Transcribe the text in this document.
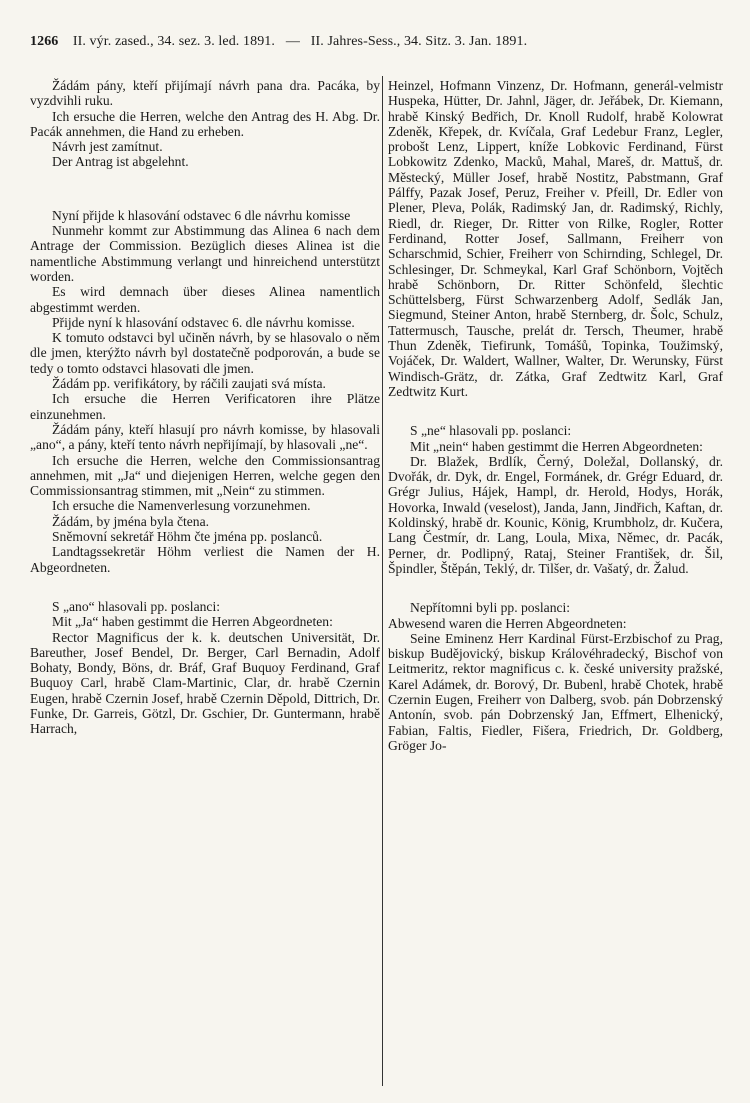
1266 II. výr. zased., 34. sez. 3. led. 1891. — II. Jahres-Sess., 34. Sitz. 3. Jan. 1891.

Žádám pány, kteří přijímají návrh pana dra. Pacáka, by vyzdvihli ruku.

Ich ersuche die Herren, welche den Antrag des H. Abg. Dr. Pacák annehmen, die Hand zu erheben.

Návrh jest zamítnut.

Der Antrag ist abgelehnt.

Nyní přijde k hlasování odstavec 6 dle návrhu komisse

Nunmehr kommt zur Abstimmung das Alinea 6 nach dem Antrage der Commission. Bezüglich dieses Alinea ist die namentliche Abstimmung verlangt und hinreichend unterstützt worden.

Es wird demnach über dieses Alinea namentlich abgestimmt werden.

Přijde nyní k hlasování odstavec 6. dle návrhu komisse.

K tomuto odstavci byl učiněn návrh, by se hlasovalo o něm dle jmen, kterýžto návrh byl dostatečně podporován, a bude se tedy o tomto odstavci hlasovati dle jmen.

Žádám pp. verifikátory, by ráčili zaujati svá místa.

Ich ersuche die Herren Verificatoren ihre Plätze einzunehmen.

Žádám pány, kteří hlasují pro návrh komisse, by hlasovali „ano“, a pány, kteří tento návrh nepřijímají, by hlasovali „ne“.

Ich ersuche die Herren, welche den Commissionsantrag annehmen, mit „Ja“ und diejenigen Herren, welche gegen den Commissionsantrag stimmen, mit „Nein“ zu stimmen.

Ich ersuche die Namenverlesung vorzunehmen.

Žádám, by jména byla čtena.

Sněmovní sekretář Höhm čte jména pp. poslanců.

Landtagssekretär Höhm verliest die Namen der H. Abgeordneten.

S „ano“ hlasovali pp. poslanci:

Mit „Ja“ haben gestimmt die Herren Abgeordneten:

Rector Magnificus der k. k. deutschen Universität, Dr. Bareuther, Josef Bendel, Dr. Berger, Carl Bernadin, Adolf Bohaty, Bondy, Böns, dr. Bráf, Graf Buquoy Ferdinand, Graf Buquoy Carl, hrabě Clam-Martinic, Clar, dr. hrabě Czernin Eugen, hrabě Czernin Josef, hrabě Czernin Děpold, Dittrich, Dr. Funke, Dr. Garreis, Götzl, Dr. Gschier, Dr. Guntermann, hrabě Harrach,

Heinzel, Hofmann Vinzenz, Dr. Hofmann, generál-velmistr Huspeka, Hütter, Dr. Jahnl, Jäger, dr. Jeřábek, Dr. Kiemann, hrabě Kinský Bedřich, Dr. Knoll Rudolf, hrabě Kolowrat Zdeněk, Křepek, dr. Kvíčala, Graf Ledebur Franz, Legler, probošt Lenz, Lippert, kníže Lobkovic Ferdinand, Fürst Lobkowitz Zdenko, Macků, Mahal, Mareš, dr. Mattuš, dr. Městecký, Müller Josef, hrabě Nostitz, Pabstmann, Graf Pálffy, Pazak Josef, Peruz, Freiher v. Pfeill, Dr. Edler von Plener, Pleva, Polák, Radimský Jan, dr. Radimský, Richly, Riedl, dr. Rieger, Dr. Ritter von Rilke, Rogler, Rotter Ferdinand, Rotter Josef, Sallmann, Freiherr von Scharschmid, Schier, Freiherr von Schirnding, Schlegel, Dr. Schlesinger, Dr. Schmeykal, Karl Graf Schönborn, Vojtěch hrabě Schönborn, Dr. Ritter Schönfeld, šlechtic Schüttelsberg, Fürst Schwarzenberg Adolf, Sedlák Jan, Siegmund, Steiner Anton, hrabě Sternberg, dr. Šolc, Schulz, Tattermusch, Tausche, prelát dr. Tersch, Theumer, hrabě Thun Zdeněk, Tiefirunk, Tomášů, Topinka, Toužimský, Vojáček, Dr. Waldert, Wallner, Walter, Dr. Werunsky, Fürst Windisch-Grätz, dr. Zátka, Graf Zedtwitz Karl, Graf Zedtwitz Kurt.

S „ne“ hlasovali pp. poslanci:

Mit „nein“ haben gestimmt die Herren Abgeordneten:

Dr. Blažek, Brdlík, Černý, Doležal, Dollanský, dr. Dvořák, dr. Dyk, dr. Engel, Formánek, dr. Grégr Eduard, dr. Grégr Julius, Hájek, Hampl, dr. Herold, Hodys, Horák, Hovorka, Inwald (veselost), Janda, Jann, Jindřich, Kaftan, dr. Koldinský, hrabě dr. Kounic, König, Krumbholz, dr. Kučera, Lang Čestmír, dr. Lang, Loula, Mixa, Němec, dr. Pacák, Perner, dr. Podlipný, Rataj, Steiner František, dr. Šil, Špindler, Štěpán, Teklý, dr. Tilšer, dr. Vašatý, dr. Žalud.

Nepřítomni byli pp. poslanci:

Abwesend waren die Herren Abgeordneten:

Seine Eminenz Herr Kardinal Fürst-Erzbischof zu Prag, biskup Budějovický, biskup Královéhradecký, Bischof von Leitmeritz, rektor magnificus c. k. české university pražské, Karel Adámek, dr. Borový, Dr. Bubenl, hrabě Chotek, hrabě Czernin Eugen, Freiherr von Dalberg, svob. pán Dobrzenský Antonín, svob. pán Dobrzenský Jan, Effmert, Elhenický, Fabian, Faltis, Fiedler, Fišera, Friedrich, Dr. Goldberg, Gröger Jo-
